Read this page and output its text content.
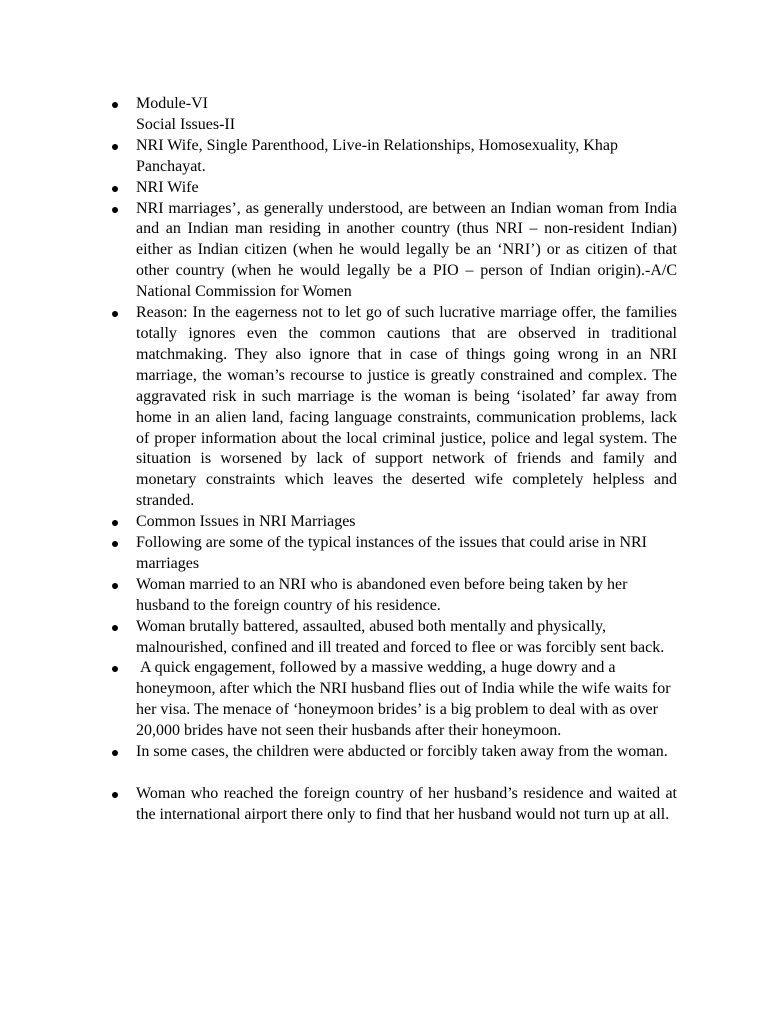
Module-VI
Social Issues-II
NRI Wife, Single Parenthood, Live-in Relationships, Homosexuality, Khap Panchayat.
NRI Wife
NRI marriages’, as generally understood, are between an Indian woman from India and an Indian man residing in another country (thus NRI – non-resident Indian) either as Indian citizen (when he would legally be an ‘NRI’) or as citizen of that other country (when he would legally be a PIO – person of Indian origin).-A/C National Commission for Women
Reason: In the eagerness not to let go of such lucrative marriage offer, the families totally ignores even the common cautions that are observed in traditional matchmaking. They also ignore that in case of things going wrong in an NRI marriage, the woman’s recourse to justice is greatly constrained and complex. The aggravated risk in such marriage is the woman is being ‘isolated’ far away from home in an alien land, facing language constraints, communication problems, lack of proper information about the local criminal justice, police and legal system. The situation is worsened by lack of support network of friends and family and monetary constraints which leaves the deserted wife completely helpless and stranded.
Common Issues in NRI Marriages
Following are some of the typical instances of the issues that could arise in NRI marriages
Woman married to an NRI who is abandoned even before being taken by her husband to the foreign country of his residence.
Woman brutally battered, assaulted, abused both mentally and physically, malnourished, confined and ill treated and forced to flee or was forcibly sent back.
A quick engagement, followed by a massive wedding, a huge dowry and a honeymoon, after which the NRI husband flies out of India while the wife waits for her visa. The menace of ‘honeymoon brides’ is a big problem to deal with as over 20,000 brides have not seen their husbands after their honeymoon.
In some cases, the children were abducted or forcibly taken away from the woman.
Woman who reached the foreign country of her husband’s residence and waited at the international airport there only to find that her husband would not turn up at all.
